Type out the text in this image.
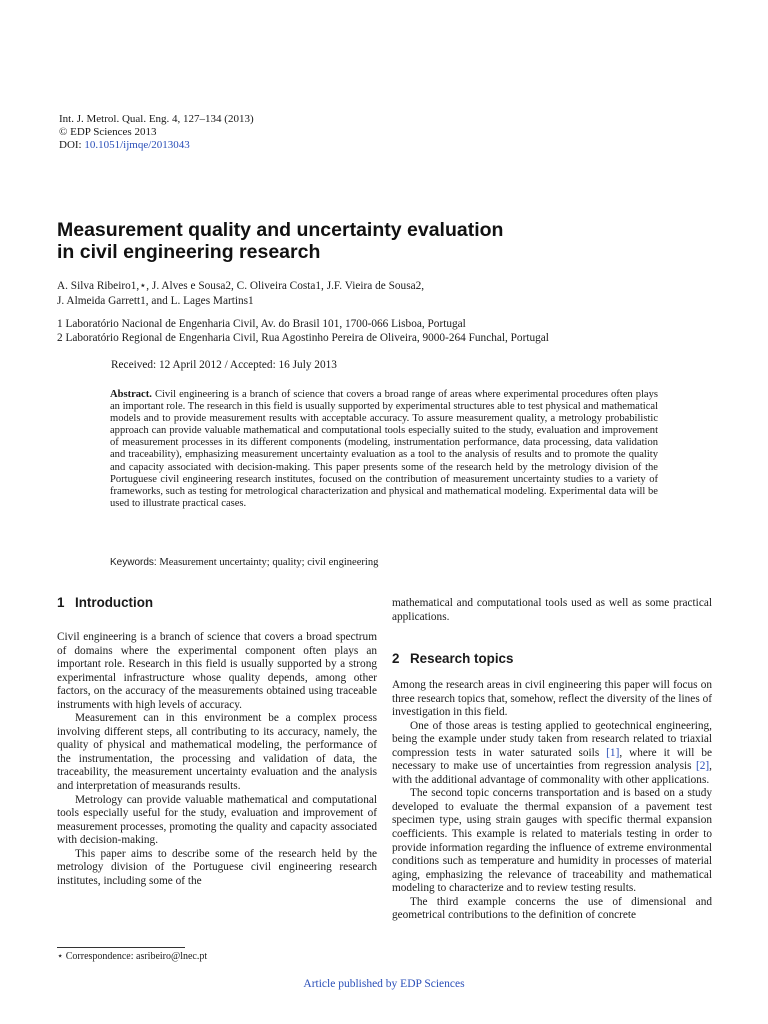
Int. J. Metrol. Qual. Eng. 4, 127–134 (2013)
© EDP Sciences 2013
DOI: 10.1051/ijmqe/2013043
Measurement quality and uncertainty evaluation
in civil engineering research
A. Silva Ribeiro1,⋆, J. Alves e Sousa2, C. Oliveira Costa1, J.F. Vieira de Sousa2,
J. Almeida Garrett1, and L. Lages Martins1
1 Laboratório Nacional de Engenharia Civil, Av. do Brasil 101, 1700-066 Lisboa, Portugal
2 Laboratório Regional de Engenharia Civil, Rua Agostinho Pereira de Oliveira, 9000-264 Funchal, Portugal
Received: 12 April 2012 / Accepted: 16 July 2013
Abstract. Civil engineering is a branch of science that covers a broad range of areas where experimental procedures often plays an important role. The research in this field is usually supported by experimental structures able to test physical and mathematical models and to provide measurement results with acceptable accuracy. To assure measurement quality, a metrology probabilistic approach can provide valuable mathematical and computational tools especially suited to the study, evaluation and improvement of measurement processes in its different components (modeling, instrumentation performance, data processing, data validation and traceability), emphasizing measurement uncertainty evaluation as a tool to the analysis of results and to promote the quality and capacity associated with decision-making. This paper presents some of the research held by the metrology division of the Portuguese civil engineering research institutes, focused on the contribution of measurement uncertainty studies to a variety of frameworks, such as testing for metrological characterization and physical and mathematical modeling. Experimental data will be used to illustrate practical cases.
Keywords: Measurement uncertainty; quality; civil engineering
1 Introduction

Civil engineering is a branch of science that covers a broad spectrum of domains where the experimental component often plays an important role. Research in this field is usually supported by a strong experimental infrastructure whose quality depends, among other factors, on the accuracy of the measurements obtained using traceable instruments with high levels of accuracy.

Measurement can in this environment be a complex process involving different steps, all contributing to its accuracy, namely, the quality of physical and mathematical modeling, the performance of the instrumentation, the processing and validation of data, the traceability, the measurement uncertainty evaluation and the analysis and interpretation of measurands results.

Metrology can provide valuable mathematical and computational tools especially useful for the study, evaluation and improvement of measurement processes, promoting the quality and capacity associated with decision-making.

This paper aims to describe some of the research held by the metrology division of the Portuguese civil engineering research institutes, including some of the

mathematical and computational tools used as well as some practical applications.

2 Research topics

Among the research areas in civil engineering this paper will focus on three research topics that, somehow, reflect the diversity of the lines of investigation in this field.

One of those areas is testing applied to geotechnical engineering, being the example under study taken from research related to triaxial compression tests in water saturated soils [1], where it will be necessary to make use of uncertainties from regression analysis [2], with the additional advantage of commonality with other applications.

The second topic concerns transportation and is based on a study developed to evaluate the thermal expansion of a pavement test specimen type, using strain gauges with specific thermal expansion coefficients. This example is related to materials testing in order to provide information regarding the influence of extreme environmental conditions such as temperature and humidity in processes of material aging, emphasizing the relevance of traceability and mathematical modeling to characterize and to review testing results.

The third example concerns the use of dimensional and geometrical contributions to the definition of concrete

⋆ Correspondence: asribeiro@lnec.pt
Article published by EDP Sciences
